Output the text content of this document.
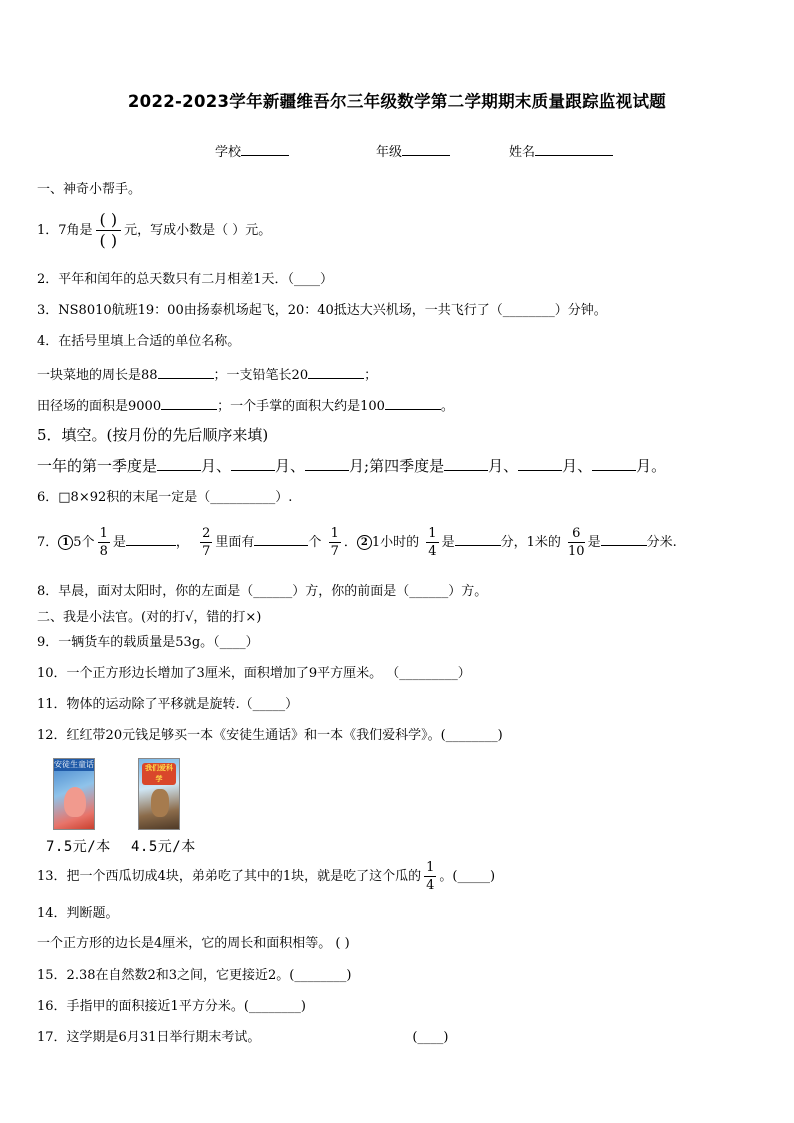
2022-2023学年新疆维吾尔三年级数学第二学期期末质量跟踪监视试题
学校	年级	姓名
一、神奇小帮手。
1．7角是 $\frac{( )}{( )}$ 元，写成小数是（ ）元。
2．平年和闰年的总天数只有二月相差1天．（____）
3．NS8010航班19：00由扬泰机场起飞，20：40抵达大兴机场，一共飞行了（________）分钟。
4．在括号里填上合适的单位名称。
一块菜地的周长是88	；一支铅笔长20	；
田径场的面积是9000	；一个手掌的面积大约是100	。
5．填空。(按月份的先后顺序来填)
一年的第一季度是	月、	月、	月;第四季度是	月、	月、	月。
6．□8×92积的末尾一定是（__________）.
7． 1 5个 $\frac{1}{8}$ 是	， $\frac{2}{7}$ 里面有	个 $\frac{1}{7}$ ． 2 1小时的 $\frac{1}{4}$ 是	分，1米的 $\frac{6}{10}$ 是	分米.
8．早晨，面对太阳时，你的左面是（______）方，你的前面是（______）方。
二、我是小法官。(对的打√，错的打×)
9．一辆货车的载质量是53g。（____）
10．一个正方形边长增加了3厘米，面积增加了9平方厘米。 （_________）
11．物体的运动除了平移就是旋转.（_____）
12．红红带20元钱足够买一本《安徒生通话》和一本《我们爱科学》。(________)
安徒生童话	我们爱科学
7.5元/本 4.5元/本
13．把一个西瓜切成4块，弟弟吃了其中的1块，就是吃了这个瓜的 $\frac{1}{4}$ 。(_____)
14．判断题。
一个正方形的边长是4厘米，它的周长和面积相等。 ( )
15．2.38在自然数2和3之间，它更接近2。(________)
16．手指甲的面积接近1平方分米。(________)
17．这学期是6月31日举行期末考试。	(____)
